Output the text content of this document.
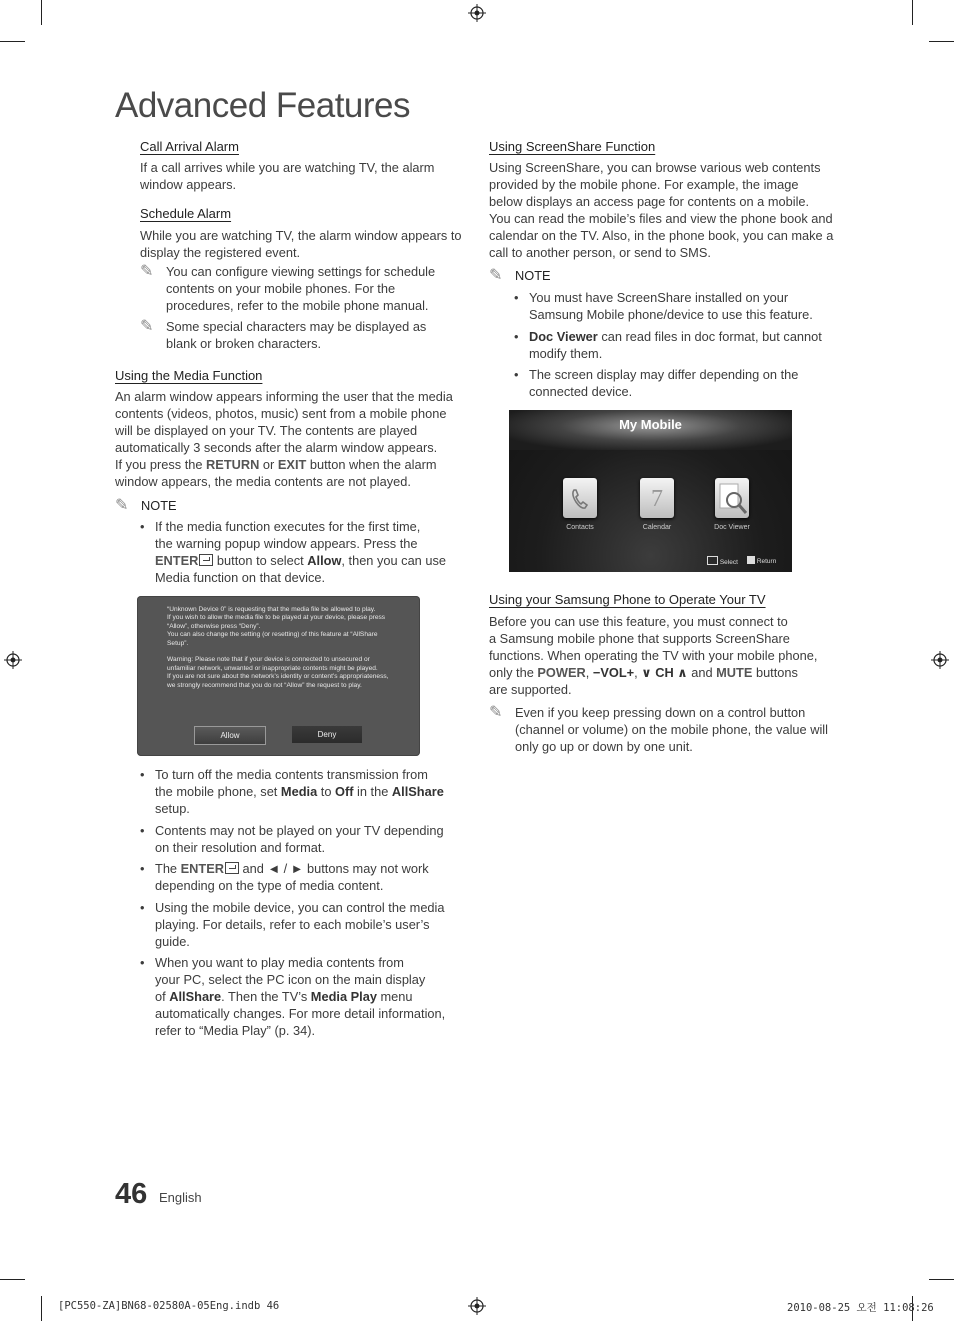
Advanced Features
Call Arrival Alarm
If a call arrives while you are watching TV, the alarm
window appears.
Schedule Alarm
While you are watching TV, the alarm window appears to
display the registered event.
✎ You can configure viewing settings for schedule
contents on your mobile phones. For the
procedures, refer to the mobile phone manual.
✎ Some special characters may be displayed as
blank or broken characters.
Using the Media Function
An alarm window appears informing the user that the media
contents (videos, photos, music) sent from a mobile phone
will be displayed on your TV. The contents are played
automatically 3 seconds after the alarm window appears.
If you press the RETURN or EXIT button when the alarm
window appears, the media contents are not played.
✎ NOTE
• If the media function executes for the first time,
the warning popup window appears. Press the
ENTER button to select Allow, then you can use
Media function on that device.
“Unknown Device 0” is requesting that the media file be allowed to play.
If you wish to allow the media file to be played at your device, please press
“Allow”, otherwise press “Deny”.
You can also change the setting (or resetting) of this feature at “AllShare
Setup”.

Warning: Please note that if your device is connected to unsecured or
unfamiliar network, unwanted or inappropriate contents might be played.
If you are not sure about the network’s identity or content’s appropriateness,
we strongly recommend that you do not “Allow” the request to play.
Allow	Deny
• To turn off the media contents transmission from
the mobile phone, set Media to Off in the AllShare
setup.
• Contents may not be played on your TV depending
on their resolution and format.
• The ENTER and ◄ / ► buttons may not work
depending on the type of media content.
• Using the mobile device, you can control the media
playing. For details, refer to each mobile’s user’s
guide.
• When you want to play media contents from
your PC, select the PC icon on the main display
of AllShare. Then the TV’s Media Play menu
automatically changes. For more detail information,
refer to “Media Play” (p. 34).
Using ScreenShare Function
Using ScreenShare, you can browse various web contents
provided by the mobile phone. For example, the image
below displays an access page for contents on a mobile.
You can read the mobile’s files and view the phone book and
calendar on the TV. Also, in the phone book, you can make a
call to another person, or send to SMS.
✎ NOTE
• You must have ScreenShare installed on your
Samsung Mobile phone/device to use this feature.
• Doc Viewer can read files in doc format, but cannot
modify them.
• The screen display may differ depending on the
connected device.
My Mobile
Contacts
7
Calendar	Doc Viewer
Select	Return
Using your Samsung Phone to Operate Your TV
Before you can use this feature, you must connect to
a Samsung mobile phone that supports ScreenShare
functions. When operating the TV with your mobile phone,
only the POWER, −VOL+, ∨ CH ∧ and MUTE buttons
are supported.
✎ Even if you keep pressing down on a control button
(channel or volume) on the mobile phone, the value will
only go up or down by one unit.
46 English
[PC550-ZA]BN68-02580A-05Eng.indb 46	2010-08-25 오전 11:08:26
